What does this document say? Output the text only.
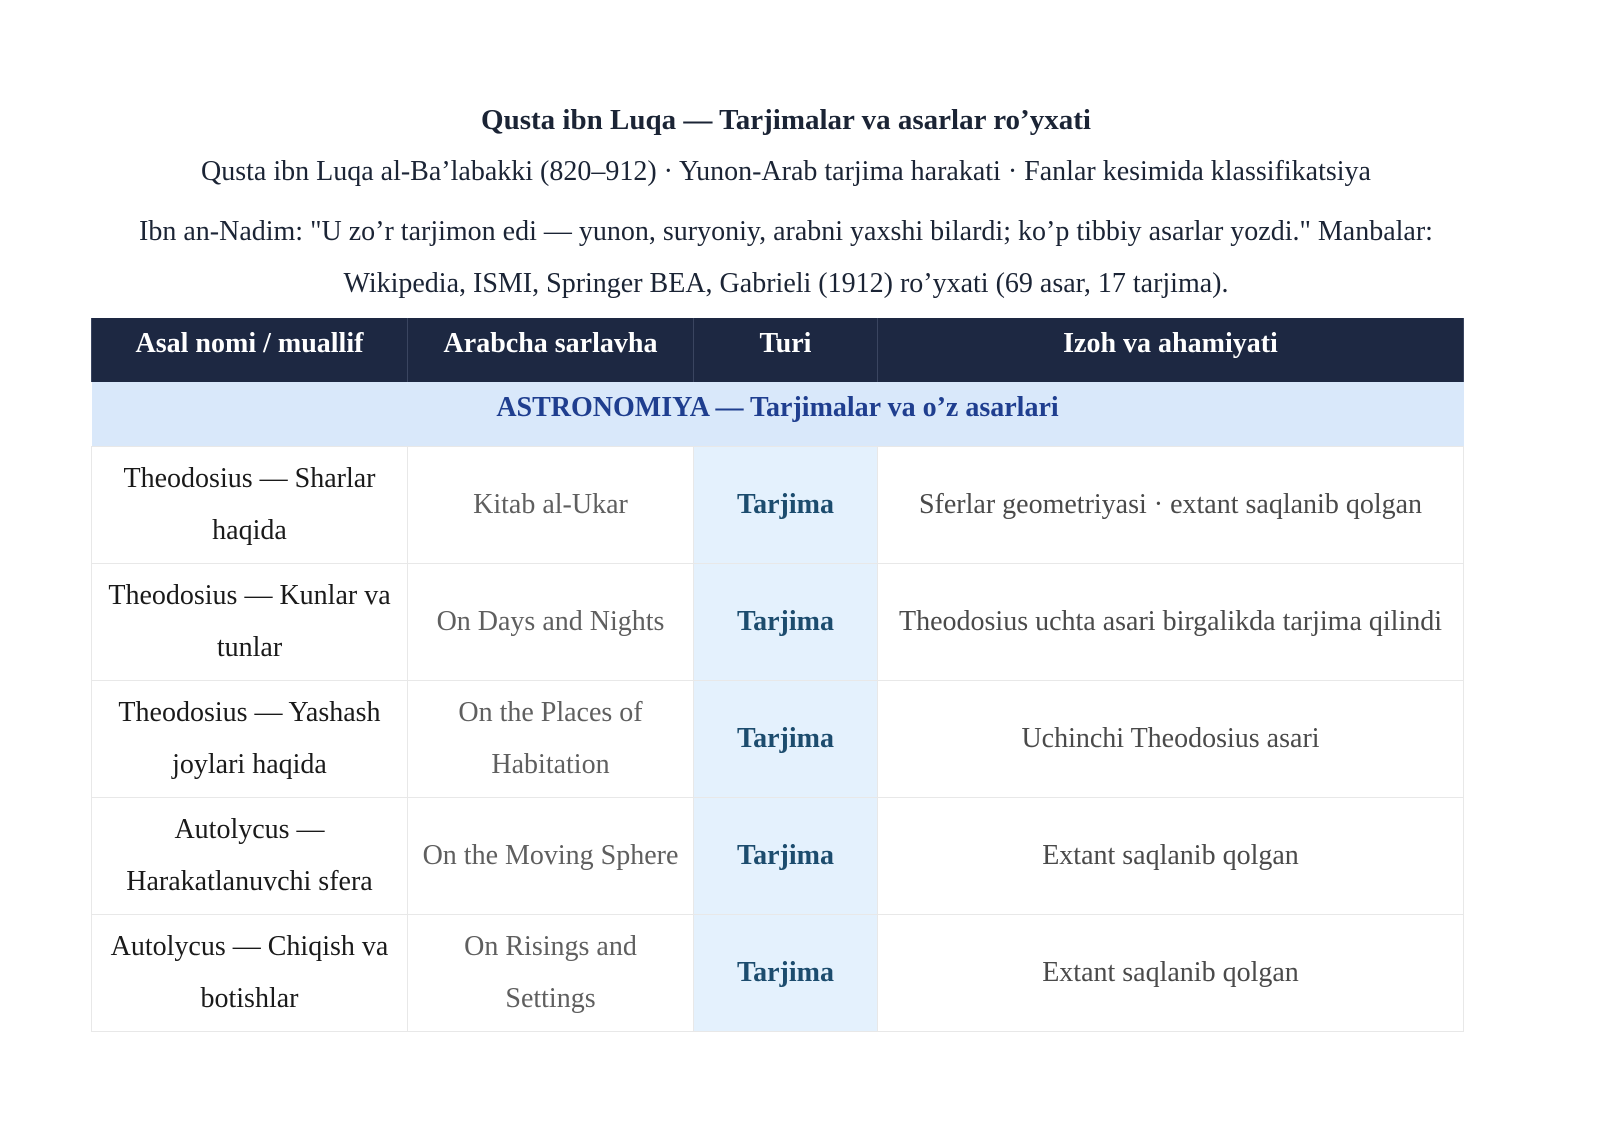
Qusta ibn Luqa — Tarjimalar va asarlar ro’yxati
Qusta ibn Luqa al-Ba’labakki (820–912) · Yunon-Arab tarjima harakati · Fanlar kesimida klassifikatsiya
Ibn an-Nadim: "U zo’r tarjimon edi — yunon, suryoniy, arabni yaxshi bilardi; ko’p tibbiy asarlar yozdi." Manbalar: Wikipedia, ISMI, Springer BEA, Gabrieli (1912) ro’yxati (69 asar, 17 tarjima).
Asal nomi / muallif	Arabcha sarlavha	Turi	Izoh va ahamiyati
ASTRONOMIYA — Tarjimalar va o’z asarlari			
Theodosius — Sharlar haqida	Kitab al-Ukar	Tarjima	Sferlar geometriyasi · extant saqlanib qolgan
Theodosius — Kunlar va tunlar	On Days and Nights	Tarjima	Theodosius uchta asari birgalikda tarjima qilindi
Theodosius — Yashash joylari haqida	On the Places of Habitation	Tarjima	Uchinchi Theodosius asari
Autolycus — Harakatlanuvchi sfera	On the Moving Sphere	Tarjima	Extant saqlanib qolgan
Autolycus — Chiqish va botishlar	On Risings and Settings	Tarjima	Extant saqlanib qolgan
